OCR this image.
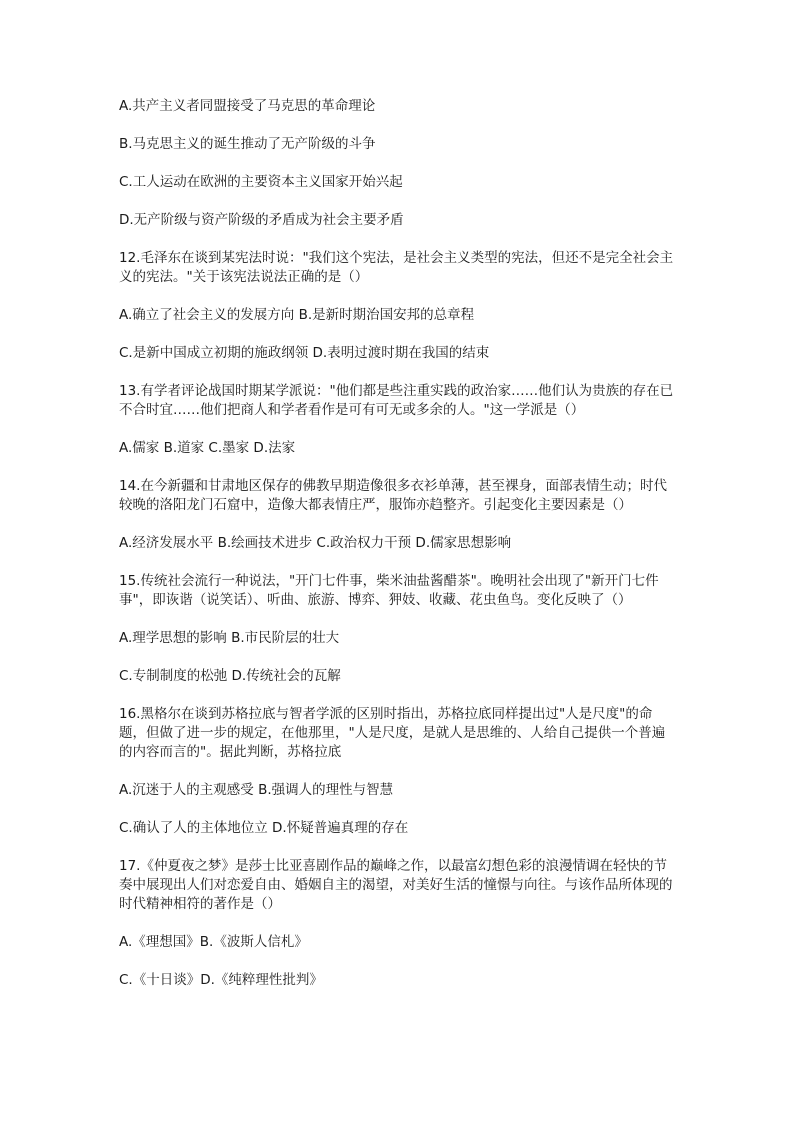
A.共产主义者同盟接受了马克思的革命理论
B.马克思主义的诞生推动了无产阶级的斗争
C.工人运动在欧洲的主要资本主义国家开始兴起
D.无产阶级与资产阶级的矛盾成为社会主要矛盾
12.毛泽东在谈到某宪法时说："我们这个宪法，是社会主义类型的宪法，但还不是完全社会主义的宪法。"关于该宪法说法正确的是（）
A.确立了社会主义的发展方向 B.是新时期治国安邦的总章程
C.是新中国成立初期的施政纲领 D.表明过渡时期在我国的结束
13.有学者评论战国时期某学派说："他们都是些注重实践的政治家……他们认为贵族的存在已不合时宜……他们把商人和学者看作是可有可无或多余的人。"这一学派是（）
A.儒家 B.道家 C.墨家 D.法家
14.在今新疆和甘肃地区保存的佛教早期造像很多衣衫单薄，甚至裸身，面部表情生动；时代较晚的洛阳龙门石窟中，造像大都表情庄严，服饰亦趋整齐。引起变化主要因素是（）
A.经济发展水平 B.绘画技术进步 C.政治权力干预 D.儒家思想影响
15.传统社会流行一种说法，"开门七件事，柴米油盐酱醋茶"。晚明社会出现了"新开门七件事"，即诙谐（说笑话）、听曲、旅游、博弈、狎妓、收藏、花虫鱼鸟。变化反映了（）
A.理学思想的影响 B.市民阶层的壮大
C.专制制度的松弛 D.传统社会的瓦解
16.黑格尔在谈到苏格拉底与智者学派的区别时指出，苏格拉底同样提出过"人是尺度"的命题，但做了进一步的规定，在他那里，"人是尺度，是就人是思维的、人给自己提供一个普遍的内容而言的"。据此判断，苏格拉底
A.沉迷于人的主观感受 B.强调人的理性与智慧
C.确认了人的主体地位立 D.怀疑普遍真理的存在
17.《仲夏夜之梦》是莎士比亚喜剧作品的巅峰之作，以最富幻想色彩的浪漫情调在轻快的节奏中展现出人们对恋爱自由、婚姻自主的渴望，对美好生活的憧憬与向往。与该作品所体现的时代精神相符的著作是（）
A.《理想国》B.《波斯人信札》
C.《十日谈》D.《纯粹理性批判》
